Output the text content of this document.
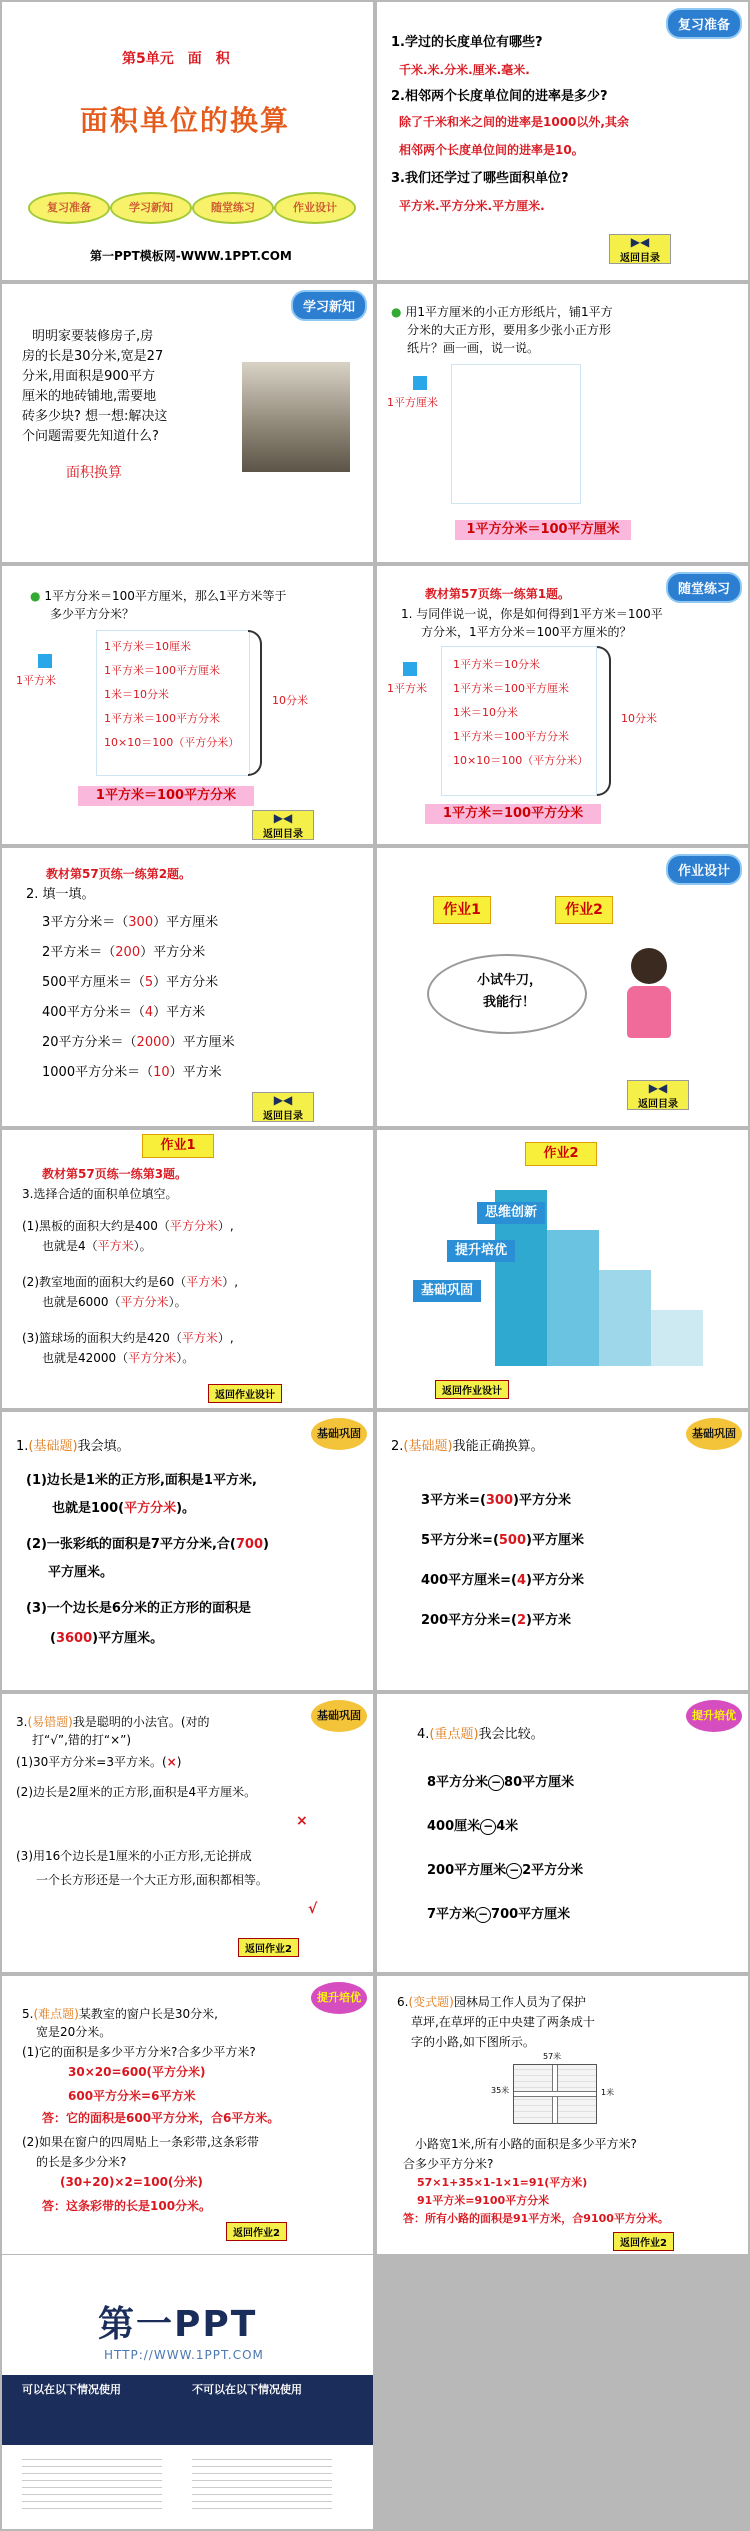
第5单元　面　积
面积单位的换算
复习准备	学习新知	随堂练习	作业设计
第一PPT模板网-WWW.1PPT.COM
复习准备
1.学过的长度单位有哪些?
千米.米.分米.厘米.毫米.
2.相邻两个长度单位间的进率是多少?
除了千米和米之间的进率是1000以外,其余
相邻两个长度单位间的进率是10。
3.我们还学过了哪些面积单位?
平方米.平方分米.平方厘米.
▶◀
返回目录
学习新知
明明家要装修房子,房
房的长是30分米,宽是27
分米,用面积是900平方
厘米的地砖铺地,需要地
砖多少块? 想一想:解决这
个问题需要先知道什么?
面积换算
● 用1平方厘米的小正方形纸片，铺1平方
分米的大正方形，要用多少张小正方形
纸片？画一画，说一说。
1平方厘米
1平方分米＝100平方厘米
● 1平方分米＝100平方厘米，那么1平方米等于
多少平方分米？
1平方米
1平方米＝10厘米
1平方米＝100平方厘米
1米＝10分米
1平方米＝100平方分米
10×10＝100（平方分米）
10分米
1平方米＝100平方分米
▶◀
返回目录
随堂练习
教材第57页练一练第1题。
1. 与同伴说一说，你是如何得到1平方米＝100平
方分米，1平方分米＝100平方厘米的？
1平方米
1平方米＝10分米
1平方米＝100平方厘米
1米＝10分米
1平方米＝100平方分米
10×10＝100（平方分米）
10分米
1平方米＝100平方分米
教材第57页练一练第2题。
2. 填一填。
3平方分米＝（300）平方厘米
2平方米＝（200）平方分米
500平方厘米＝（5）平方分米
400平方分米＝（4）平方米
20平方分米＝（2000）平方厘米
1000平方分米＝（10）平方米
▶◀
返回目录
作业设计
作业1	作业2
小试牛刀，
我能行！
▶◀
返回目录
作业1
教材第57页练一练第3题。
3.选择合适的面积单位填空。
(1)黑板的面积大约是400（平方分米）,
也就是4（平方米）。
(2)教室地面的面积大约是60（平方米）,
也就是6000（平方分米）。
(3)篮球场的面积大约是420（平方米）,
也就是42000（平方分米）。
返回作业设计
作业2
思维创新
提升培优
基础巩固
返回作业设计
基础巩固
1.(基础题)我会填。
(1)边长是1米的正方形,面积是1平方米,
也就是100(平方分米)。
(2)一张彩纸的面积是7平方分米,合(700)
平方厘米。
(3)一个边长是6分米的正方形的面积是
(3600)平方厘米。
基础巩固
2.(基础题)我能正确换算。
3平方米=(300)平方分米
5平方分米=(500)平方厘米
400平方厘米=(4)平方分米
200平方分米=(2)平方米
基础巩固
3.(易错题)我是聪明的小法官。(对的
打“√”,错的打“×”)
(1)30平方分米=3平方米。(×)
(2)边长是2厘米的正方形,面积是4平方厘米。
×
(3)用16个边长是1厘米的小正方形,无论拼成
一个长方形还是一个大正方形,面积都相等。
√
返回作业2
提升培优
4.(重点题)我会比较。
8平方分米 − 80平方厘米
400厘米 − 4米
200平方厘米 − 2平方分米
7平方米 − 700平方厘米
提升培优
5.(难点题)某教室的窗户长是30分米,
宽是20分米。
(1)它的面积是多少平方分米?合多少平方米?
30×20=600(平方分米)
600平方分米=6平方米
答：它的面积是600平方分米，合6平方米。
(2)如果在窗户的四周贴上一条彩带,这条彩带
的长是多少分米?
(30+20)×2=100(分米)
答：这条彩带的长是100分米。
返回作业2
6.(变式题)园林局工作人员为了保护
草坪,在草坪的正中央建了两条成十
字的小路,如下图所示。
57米
35米	1米
小路宽1米,所有小路的面积是多少平方米?
合多少平方分米?
57×1+35×1-1×1=91(平方米)
91平方米=9100平方分米
答：所有小路的面积是91平方米，合9100平方分米。
返回作业2
第一PPT
HTTP://WWW.1PPT.COM
可以在以下情况使用	不可以在以下情况使用
